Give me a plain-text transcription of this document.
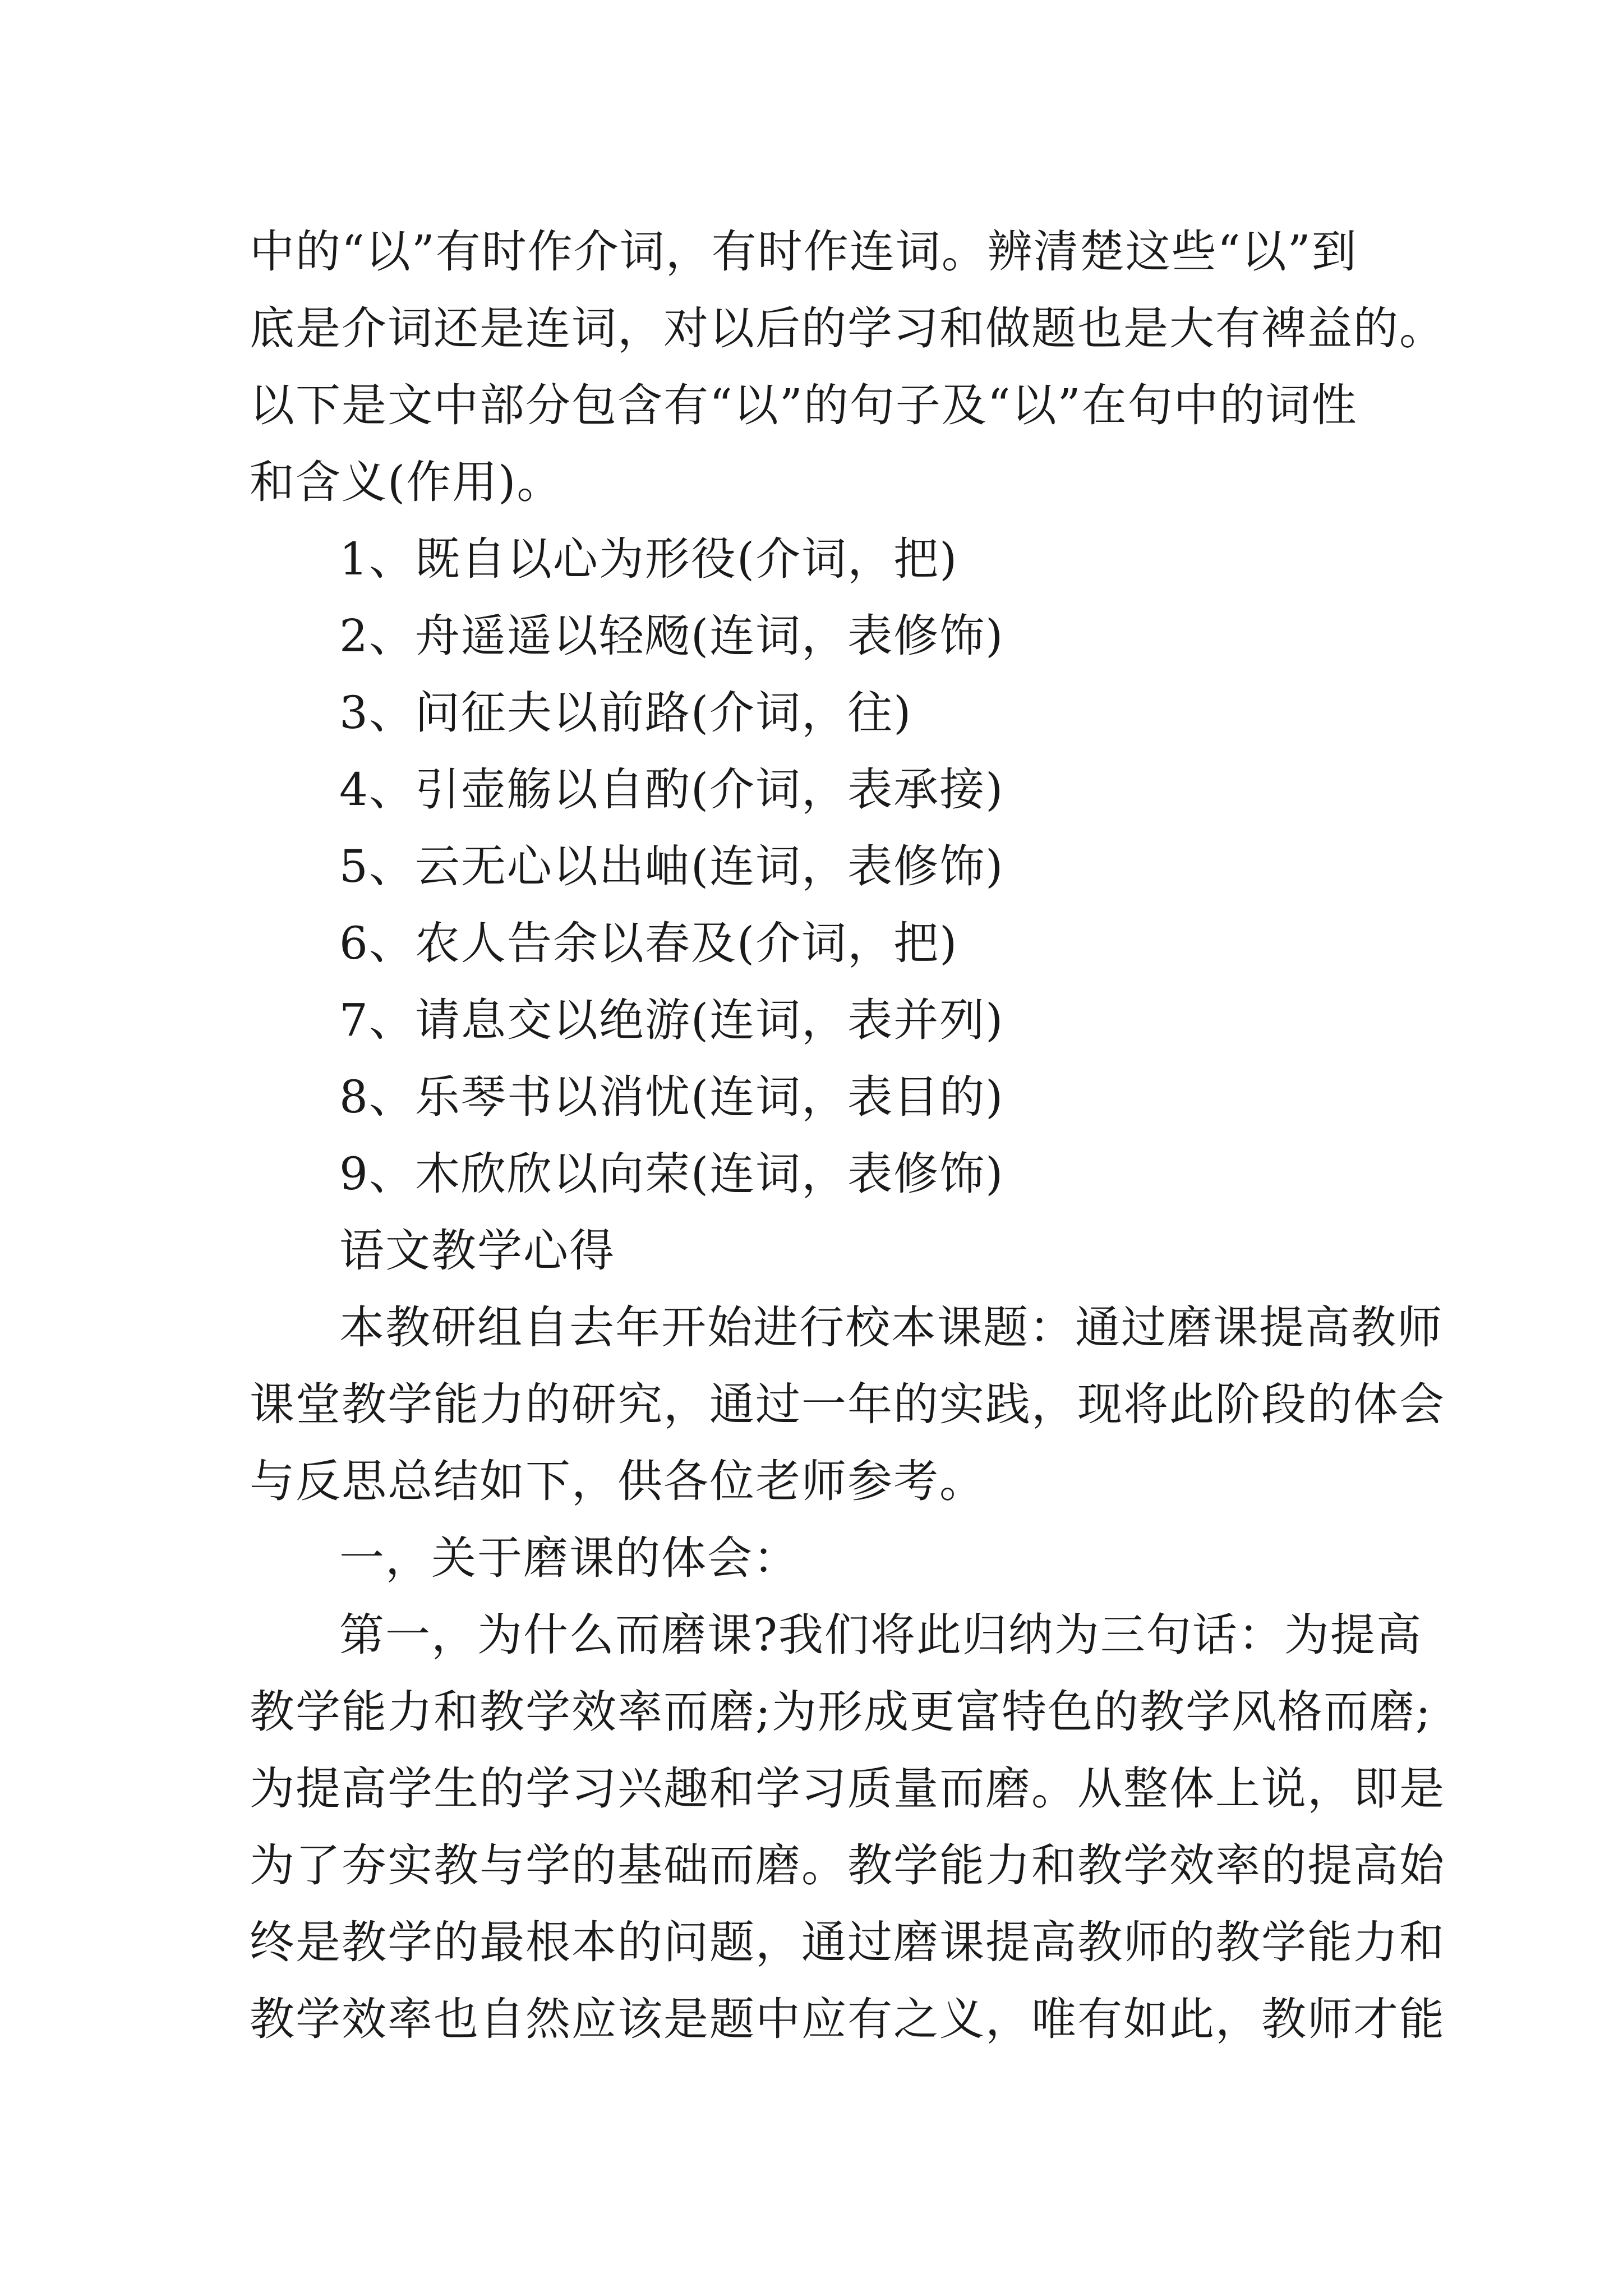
中的“以”有时作介词，有时作连词。辨清楚这些“以”到
底是介词还是连词，对以后的学习和做题也是大有裨益的。
以下是文中部分包含有“以”的句子及“以”在句中的词性
和含义(作用)。
1、既自以心为形役(介词，把)
2、舟遥遥以轻飏(连词，表修饰)
3、问征夫以前路(介词，往)
4、引壶觞以自酌(介词，表承接)
5、云无心以出岫(连词，表修饰)
6、农人告余以春及(介词，把)
7、请息交以绝游(连词，表并列)
8、乐琴书以消忧(连词，表目的)
9、木欣欣以向荣(连词，表修饰)
语文教学心得
本教研组自去年开始进行校本课题：通过磨课提高教师
课堂教学能力的研究，通过一年的实践，现将此阶段的体会
与反思总结如下，供各位老师参考。
一，关于磨课的体会：
第一，为什么而磨课?我们将此归纳为三句话：为提高
教学能力和教学效率而磨;为形成更富特色的教学风格而磨;
为提高学生的学习兴趣和学习质量而磨。从整体上说，即是
为了夯实教与学的基础而磨。教学能力和教学效率的提高始
终是教学的最根本的问题，通过磨课提高教师的教学能力和
教学效率也自然应该是题中应有之义，唯有如此，教师才能
